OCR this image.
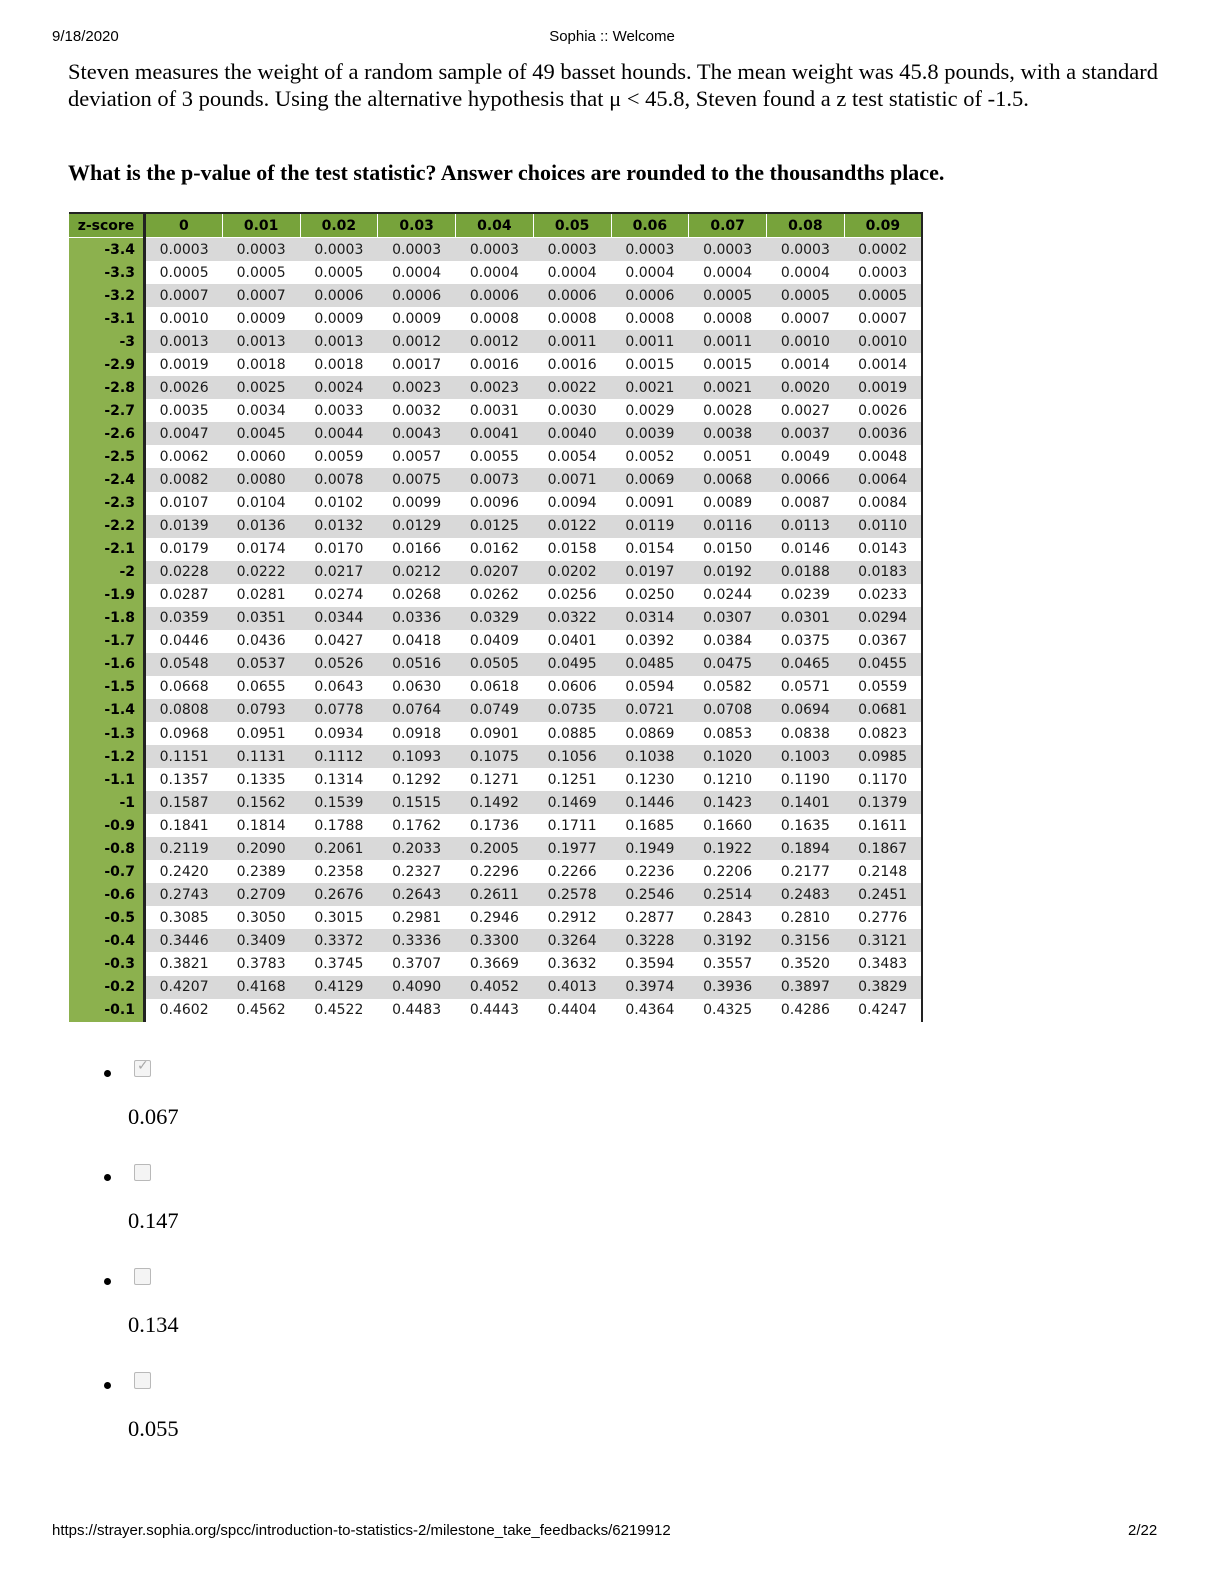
9/18/2020	Sophia :: Welcome
Steven measures the weight of a random sample of 49 basset hounds. The mean weight was 45.8 pounds, with a standard deviation of 3 pounds. Using the alternative hypothesis that μ < 45.8, Steven found a z test statistic of -1.5.
What is the p-value of the test statistic? Answer choices are rounded to the thousandths place.
z-score	0	0.01	0.02	0.03	0.04	0.05	0.06	0.07	0.08	0.09
-3.4	0.0003	0.0003	0.0003	0.0003	0.0003	0.0003	0.0003	0.0003	0.0003	0.0002
-3.3	0.0005	0.0005	0.0005	0.0004	0.0004	0.0004	0.0004	0.0004	0.0004	0.0003
-3.2	0.0007	0.0007	0.0006	0.0006	0.0006	0.0006	0.0006	0.0005	0.0005	0.0005
-3.1	0.0010	0.0009	0.0009	0.0009	0.0008	0.0008	0.0008	0.0008	0.0007	0.0007
-3	0.0013	0.0013	0.0013	0.0012	0.0012	0.0011	0.0011	0.0011	0.0010	0.0010
-2.9	0.0019	0.0018	0.0018	0.0017	0.0016	0.0016	0.0015	0.0015	0.0014	0.0014
-2.8	0.0026	0.0025	0.0024	0.0023	0.0023	0.0022	0.0021	0.0021	0.0020	0.0019
-2.7	0.0035	0.0034	0.0033	0.0032	0.0031	0.0030	0.0029	0.0028	0.0027	0.0026
-2.6	0.0047	0.0045	0.0044	0.0043	0.0041	0.0040	0.0039	0.0038	0.0037	0.0036
-2.5	0.0062	0.0060	0.0059	0.0057	0.0055	0.0054	0.0052	0.0051	0.0049	0.0048
-2.4	0.0082	0.0080	0.0078	0.0075	0.0073	0.0071	0.0069	0.0068	0.0066	0.0064
-2.3	0.0107	0.0104	0.0102	0.0099	0.0096	0.0094	0.0091	0.0089	0.0087	0.0084
-2.2	0.0139	0.0136	0.0132	0.0129	0.0125	0.0122	0.0119	0.0116	0.0113	0.0110
-2.1	0.0179	0.0174	0.0170	0.0166	0.0162	0.0158	0.0154	0.0150	0.0146	0.0143
-2	0.0228	0.0222	0.0217	0.0212	0.0207	0.0202	0.0197	0.0192	0.0188	0.0183
-1.9	0.0287	0.0281	0.0274	0.0268	0.0262	0.0256	0.0250	0.0244	0.0239	0.0233
-1.8	0.0359	0.0351	0.0344	0.0336	0.0329	0.0322	0.0314	0.0307	0.0301	0.0294
-1.7	0.0446	0.0436	0.0427	0.0418	0.0409	0.0401	0.0392	0.0384	0.0375	0.0367
-1.6	0.0548	0.0537	0.0526	0.0516	0.0505	0.0495	0.0485	0.0475	0.0465	0.0455
-1.5	0.0668	0.0655	0.0643	0.0630	0.0618	0.0606	0.0594	0.0582	0.0571	0.0559
-1.4	0.0808	0.0793	0.0778	0.0764	0.0749	0.0735	0.0721	0.0708	0.0694	0.0681
-1.3	0.0968	0.0951	0.0934	0.0918	0.0901	0.0885	0.0869	0.0853	0.0838	0.0823
-1.2	0.1151	0.1131	0.1112	0.1093	0.1075	0.1056	0.1038	0.1020	0.1003	0.0985
-1.1	0.1357	0.1335	0.1314	0.1292	0.1271	0.1251	0.1230	0.1210	0.1190	0.1170
-1	0.1587	0.1562	0.1539	0.1515	0.1492	0.1469	0.1446	0.1423	0.1401	0.1379
-0.9	0.1841	0.1814	0.1788	0.1762	0.1736	0.1711	0.1685	0.1660	0.1635	0.1611
-0.8	0.2119	0.2090	0.2061	0.2033	0.2005	0.1977	0.1949	0.1922	0.1894	0.1867
-0.7	0.2420	0.2389	0.2358	0.2327	0.2296	0.2266	0.2236	0.2206	0.2177	0.2148
-0.6	0.2743	0.2709	0.2676	0.2643	0.2611	0.2578	0.2546	0.2514	0.2483	0.2451
-0.5	0.3085	0.3050	0.3015	0.2981	0.2946	0.2912	0.2877	0.2843	0.2810	0.2776
-0.4	0.3446	0.3409	0.3372	0.3336	0.3300	0.3264	0.3228	0.3192	0.3156	0.3121
-0.3	0.3821	0.3783	0.3745	0.3707	0.3669	0.3632	0.3594	0.3557	0.3520	0.3483
-0.2	0.4207	0.4168	0.4129	0.4090	0.4052	0.4013	0.3974	0.3936	0.3897	0.3829
-0.1	0.4602	0.4562	0.4522	0.4483	0.4443	0.4404	0.4364	0.4325	0.4286	0.4247
✓
0.067
0.147
0.134
0.055
https://strayer.sophia.org/spcc/introduction-to-statistics-2/milestone_take_feedbacks/6219912	2/22
